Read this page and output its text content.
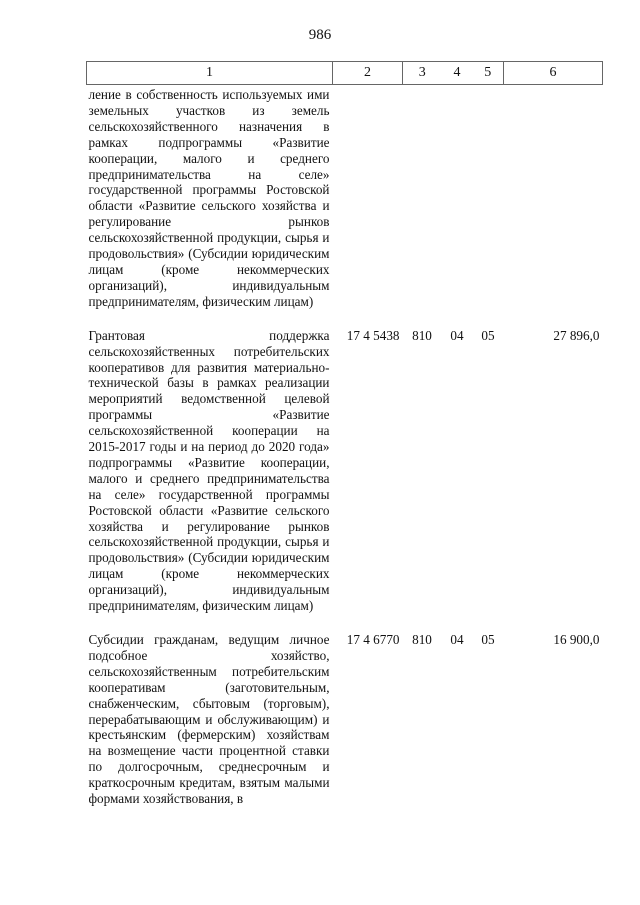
986
1	2	3	4	5	6

ление в собственность используемых ими земельных участков из земель сельскохозяйственного назначения в рамках подпрограммы «Развитие кооперации, малого и среднего предпринимательства на селе» государственной программы Ростовской области «Развитие сельского хозяйства и регулирование рынков сельскохозяйственной продукции, сырья и продовольствия» (Субсидии юридическим лицам (кроме некоммерческих организаций), индивидуальным предпринимателям, физическим лицам)					

Грантовая поддержка сельскохозяйственных потребительских кооперативов для развития материально-технической базы в рамках реализации мероприятий ведомственной целевой программы «Развитие сельскохозяйственной кооперации на 2015-2017 годы и на период до 2020 года» подпрограммы «Развитие кооперации, малого и среднего предпринимательства на селе» государственной программы Ростовской области «Развитие сельского хозяйства и регулирование рынков сельскохозяйственной продукции, сырья и продовольствия» (Субсидии юридическим лицам (кроме некоммерческих организаций), индивидуальным предпринимателям, физическим лицам)	17 4 5438	810	04	05	27 896,0

Субсидии гражданам, ведущим личное подсобное хозяйство, сельскохозяйственным потребительским кооперативам (заготовительным, снабженческим, сбытовым (торговым), перерабатывающим и обслуживающим) и крестьянским (фермерским) хозяйствам на возмещение части процентной ставки по долгосрочным, среднесрочным и краткосрочным кредитам, взятым малыми формами хозяйствования, в	17 4 6770	810	04	05	16 900,0
